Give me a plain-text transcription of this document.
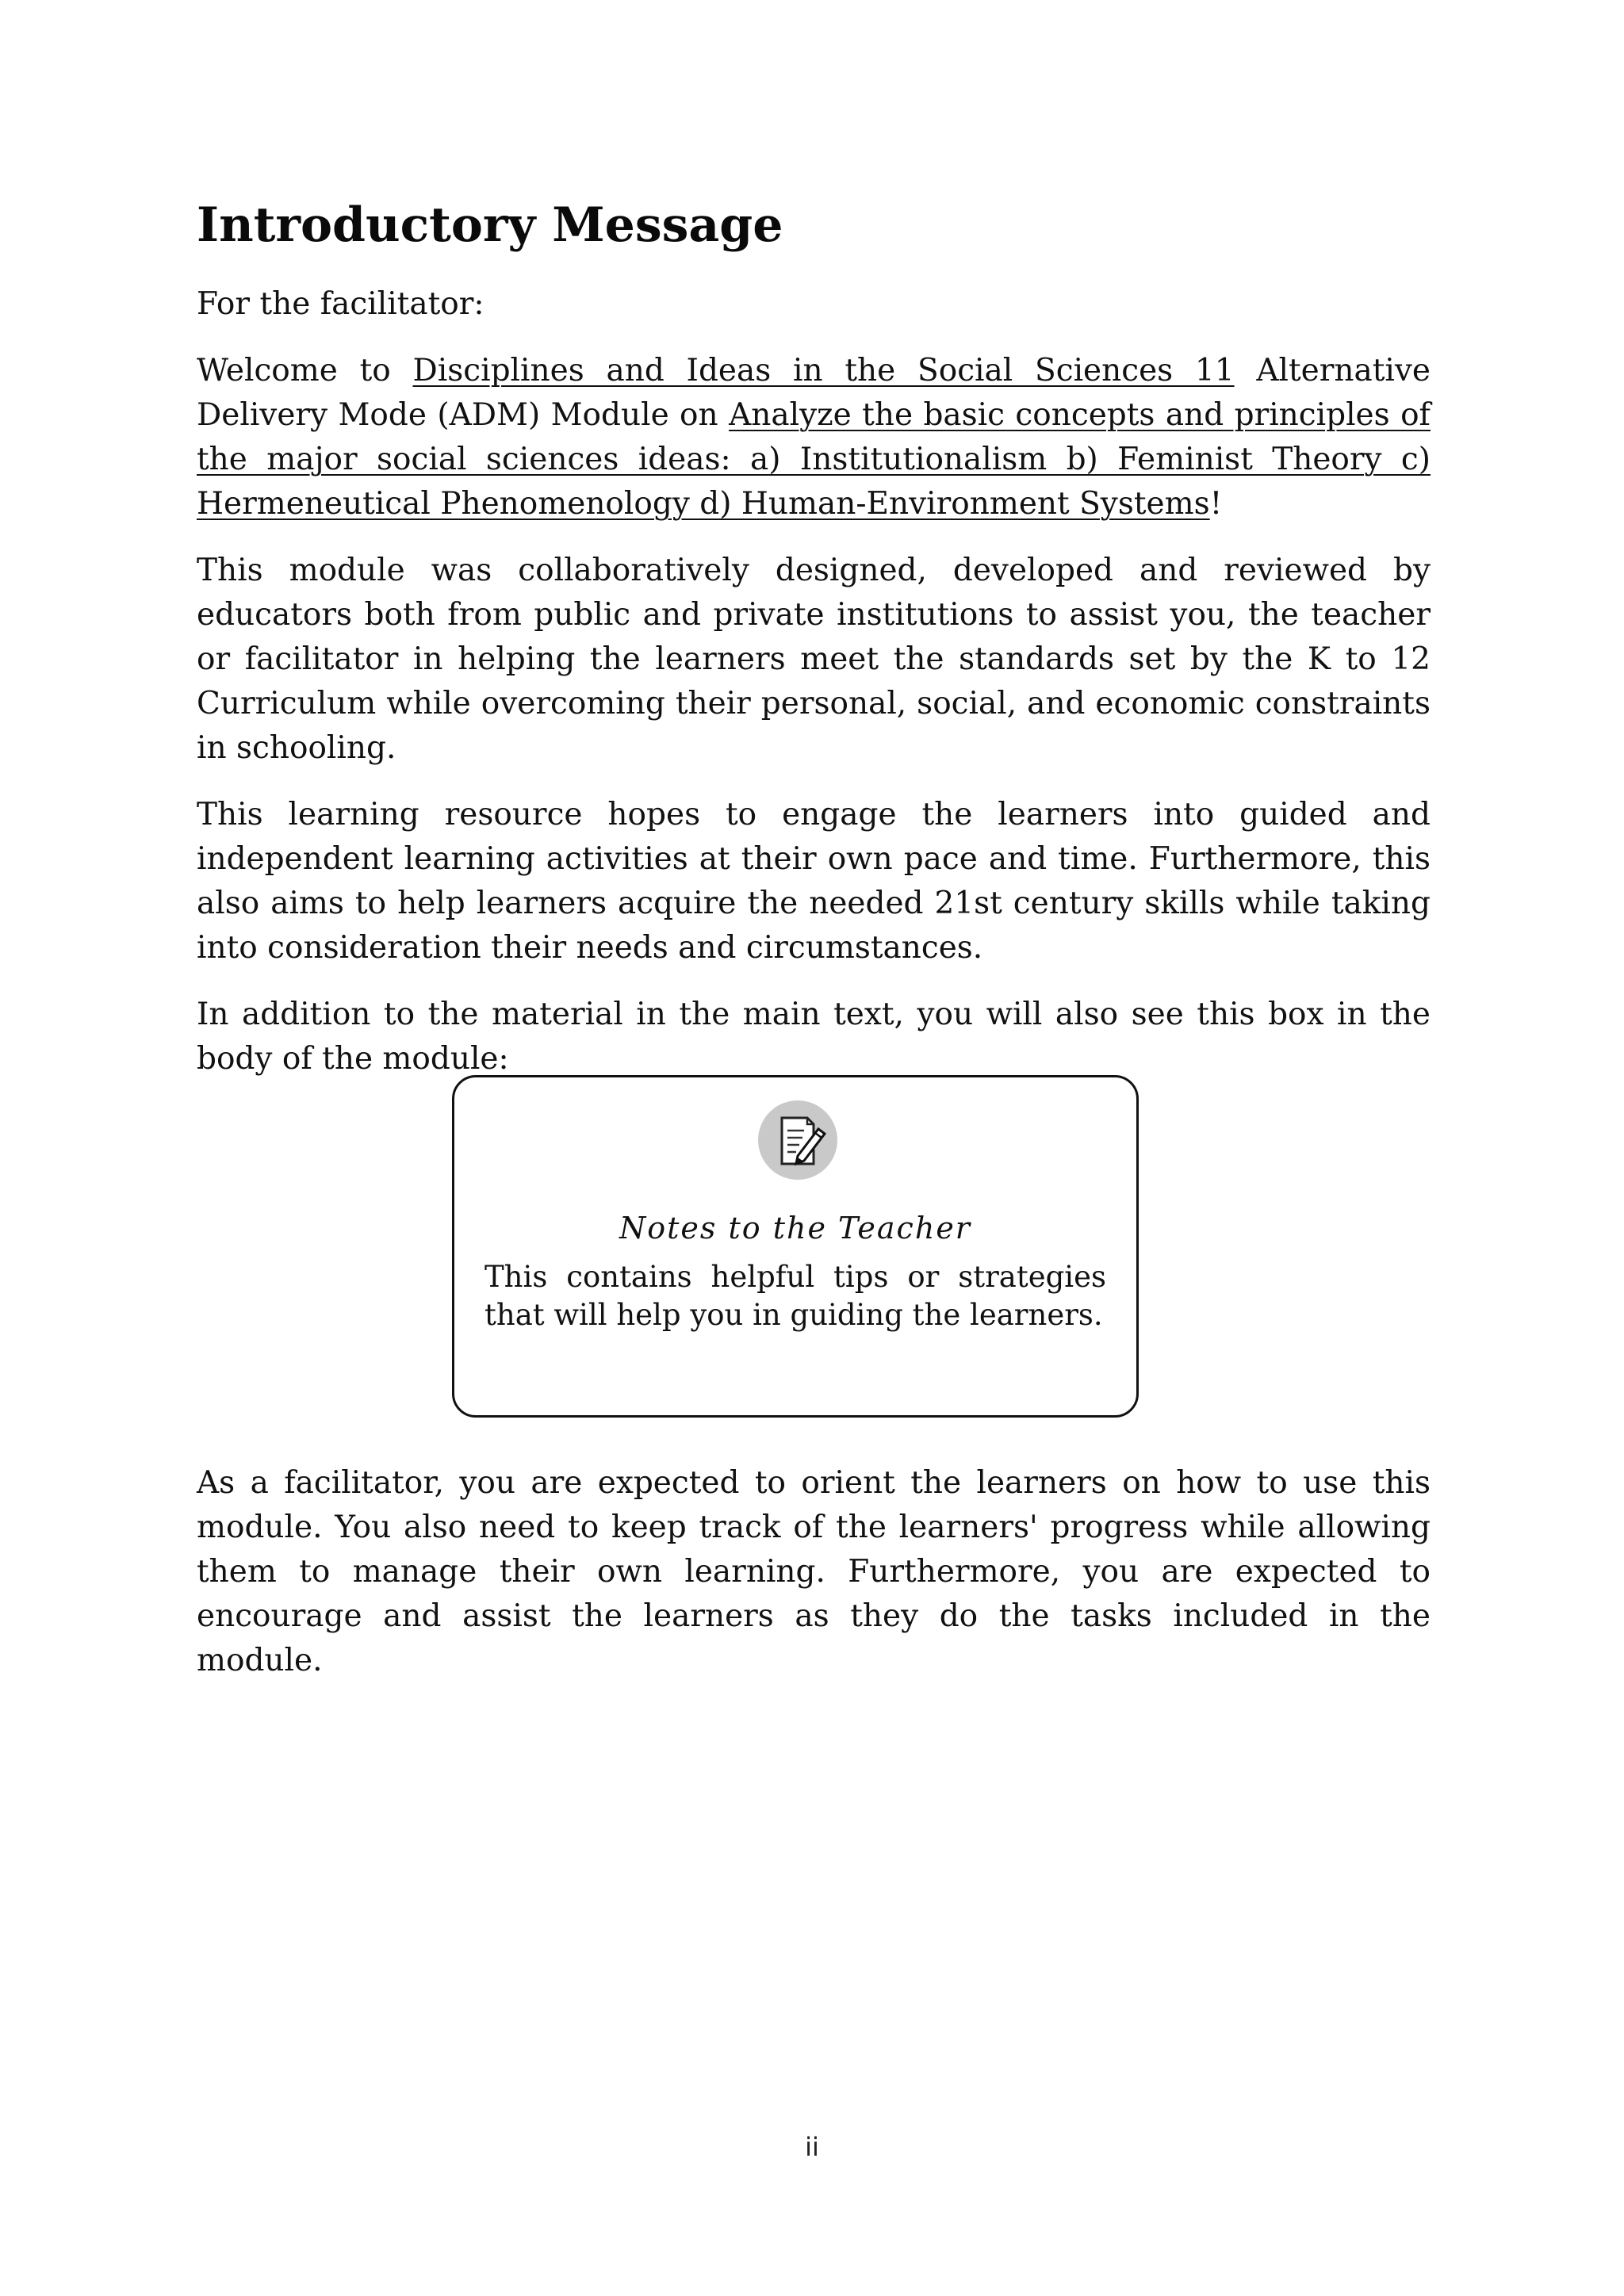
Introductory Message

For the facilitator:

Welcome to Disciplines and Ideas in the Social Sciences 11 Alternative Delivery Mode (ADM) Module on Analyze the basic concepts and principles of the major social sciences ideas: a) Institutionalism b) Feminist Theory c) Hermeneutical Phenomenology d) Human-Environment Systems!

This module was collaboratively designed, developed and reviewed by educators both from public and private institutions to assist you, the teacher or facilitator in helping the learners meet the standards set by the K to 12 Curriculum while overcoming their personal, social, and economic constraints in schooling.

This learning resource hopes to engage the learners into guided and independent learning activities at their own pace and time. Furthermore, this also aims to help learners acquire the needed 21st century skills while taking into consideration their needs and circumstances.

In addition to the material in the main text, you will also see this box in the body of the module:

Notes to the Teacher
This contains helpful tips or strategies that will help you in guiding the learners.

As a facilitator, you are expected to orient the learners on how to use this module. You also need to keep track of the learners' progress while allowing them to manage their own learning. Furthermore, you are expected to encourage and assist the learners as they do the tasks included in the module.

ii
